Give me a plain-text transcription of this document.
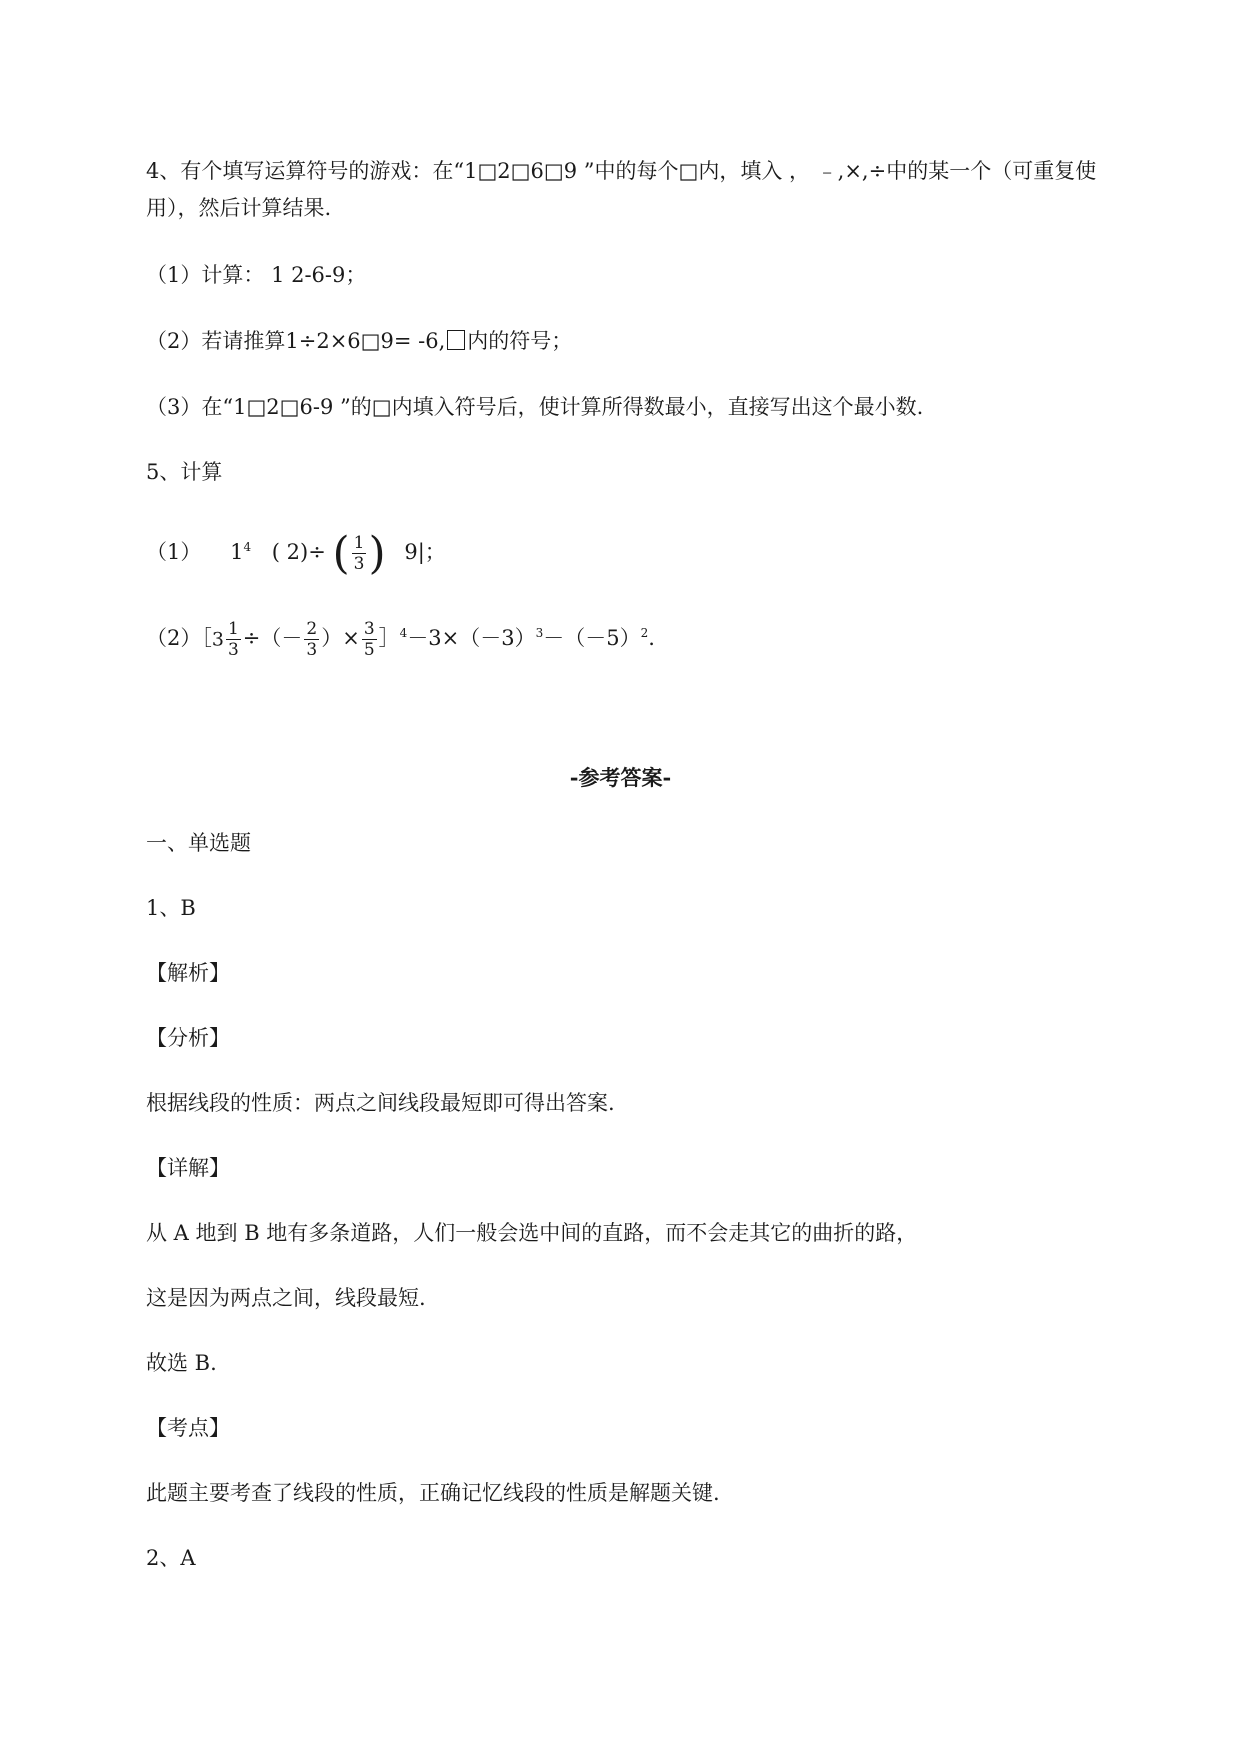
4、有个填写运算符号的游戏：在“1□2□6□9 ”中的每个□内，填入 ， ﹣,×,÷中的某一个（可重复使
用），然后计算结果.
（1）计算： 1 2-6-9；
（2）若请推算1÷2×6□9= -6, 内的符号；
（3）在“1□2□6-9 ”的□内填入符号后，使计算所得数最小，直接写出这个最小数.
5、计算
（1） $1^4$ ( 2)÷ ( $\frac{1}{3}$ ) 9|；
（2）［3 $\frac{1}{3}$ ÷（－ $\frac{2}{3}$ ）× $\frac{3}{5}$ $]^4-3\times(-3)^3-(-5)^2$.
-参考答案-
一、单选题
1、B
【解析】
【分析】
根据线段的性质：两点之间线段最短即可得出答案.
【详解】
从 A 地到 B 地有多条道路，人们一般会选中间的直路，而不会走其它的曲折的路，
这是因为两点之间，线段最短.
故选 B.
【考点】
此题主要考查了线段的性质，正确记忆线段的性质是解题关键.
2、A
